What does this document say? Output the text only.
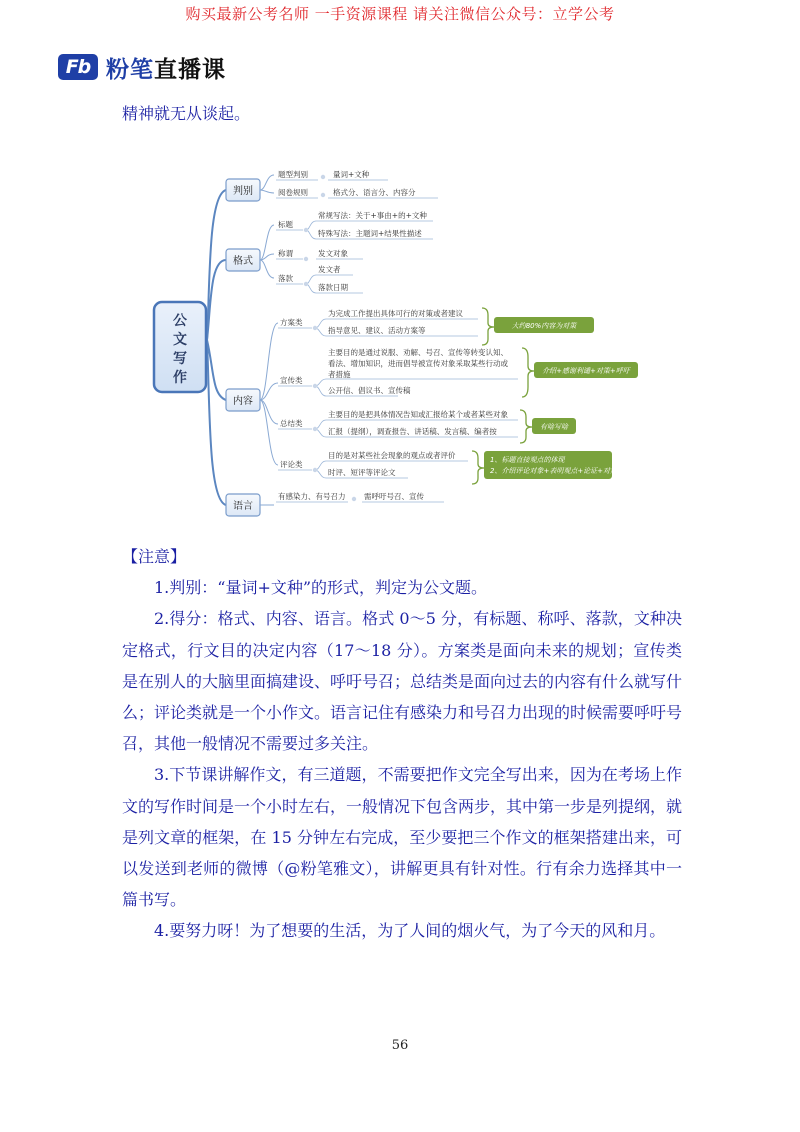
购买最新公考名师 一手资源课程 请关注微信公众号：立学公考
Fb 粉笔直播课
精神就无从谈起。
公
文
写
作
判别
格式
内容
语言
题型判别	量词+文种
阅卷规则	格式分、语言分、内容分
标题
常规写法：关于+事由+的+文种
特殊写法：主题词+结果性描述
称谓	发文对象
落款
发文者
落款日期
方案类
为完成工作提出具体可行的对策或者建议
指导意见、建议、活动方案等	大约80%内容为对策
宣传类
主要目的是通过说服、劝解、号召、宣传等转变认知、
看法、增加知识，进而倡导被宣传对象采取某些行动或
者措施
公开信、倡议书、宣传稿
介绍+感谢利谴+对策+呼吁
总结类
主要目的是把具体情况告知或汇报给某个或者某些对象
汇报（提纲），调查报告、讲话稿、发言稿、编者按	有啥写啥
评论类
目的是对某些社会现象的观点或者评价
时评、短评等评论文
1、标题直接观点的体现
2、介绍评论对象+表明观点+论证+对策、升华
有感染力、有号召力 需呼吁号召、宣传

【注意】

1.判别：“量词+文种”的形式，判定为公文题。

2.得分：格式、内容、语言。格式 0～5 分，有标题、称呼、落款，文种决定格式，行文目的决定内容（17～18 分）。方案类是面向未来的规划；宣传类是在别人的大脑里面搞建设、呼吁号召；总结类是面向过去的内容有什么就写什么；评论类就是一个小作文。语言记住有感染力和号召力出现的时候需要呼吁号召，其他一般情况不需要过多关注。

3.下节课讲解作文，有三道题，不需要把作文完全写出来，因为在考场上作文的写作时间是一个小时左右，一般情况下包含两步，其中第一步是列提纲，就是列文章的框架，在 15 分钟左右完成，至少要把三个作文的框架搭建出来，可以发送到老师的微博（@粉笔雅文），讲解更具有针对性。行有余力选择其中一篇书写。

4.要努力呀！为了想要的生活，为了人间的烟火气，为了今天的风和月。

56
